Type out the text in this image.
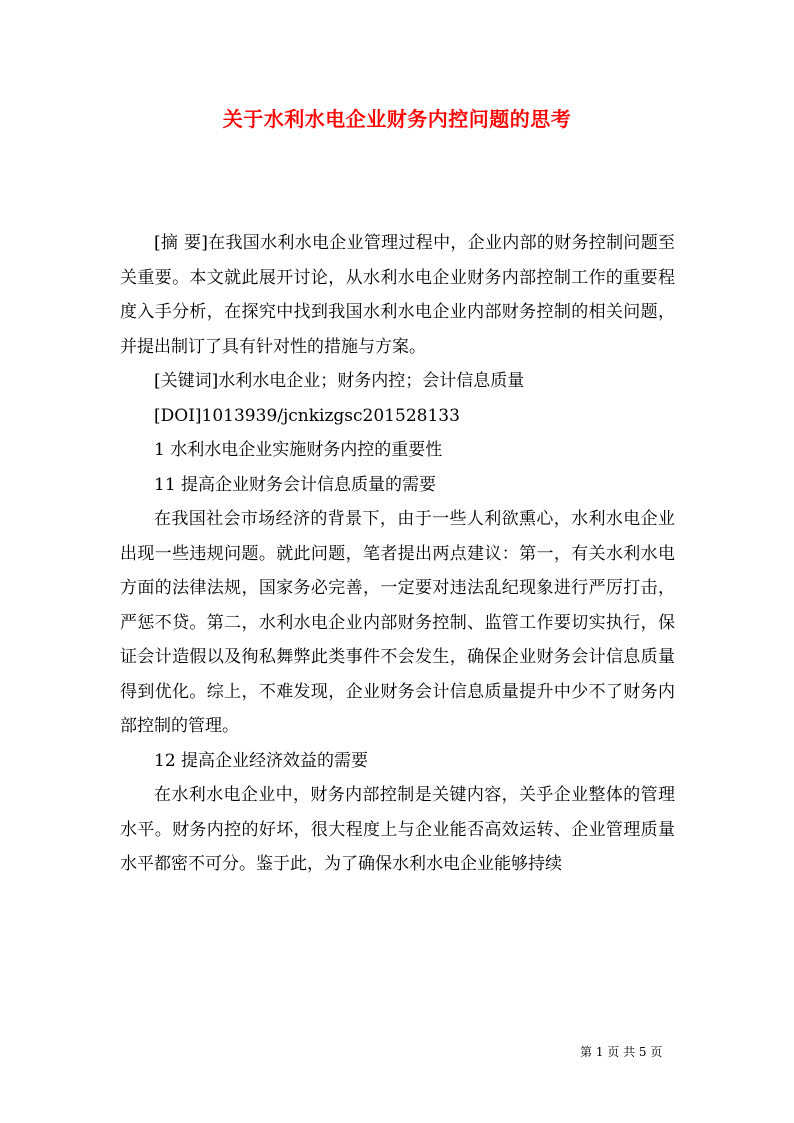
关于水利水电企业财务内控问题的思考

[摘 要]在我国水利水电企业管理过程中，企业内部的财务控制问题至关重要。本文就此展开讨论，从水利水电企业财务内部控制工作的重要程度入手分析，在探究中找到我国水利水电企业内部财务控制的相关问题，并提出制订了具有针对性的措施与方案。

[关键词]水利水电企业；财务内控；会计信息质量

[DOI]1013939/jcnkizgsc201528133

1 水利水电企业实施财务内控的重要性

11 提高企业财务会计信息质量的需要

在我国社会市场经济的背景下，由于一些人利欲熏心，水利水电企业出现一些违规问题。就此问题，笔者提出两点建议：第一，有关水利水电方面的法律法规，国家务必完善，一定要对违法乱纪现象进行严厉打击，严惩不贷。第二，水利水电企业内部财务控制、监管工作要切实执行，保证会计造假以及徇私舞弊此类事件不会发生，确保企业财务会计信息质量得到优化。综上，不难发现，企业财务会计信息质量提升中少不了财务内部控制的管理。

12 提高企业经济效益的需要

在水利水电企业中，财务内部控制是关键内容，关乎企业整体的管理水平。财务内控的好坏，很大程度上与企业能否高效运转、企业管理质量水平都密不可分。鉴于此，为了确保水利水电企业能够持续

第 1 页 共 5 页
